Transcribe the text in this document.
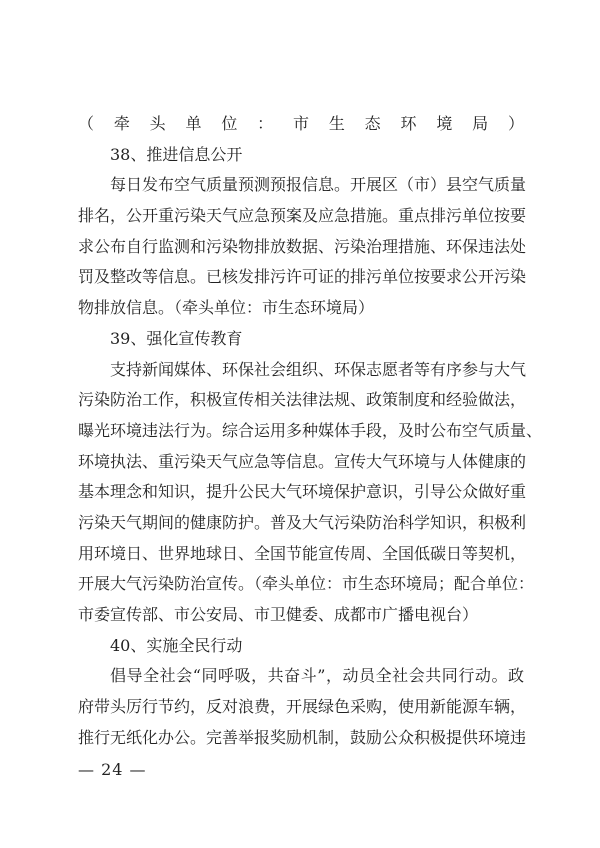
（牵头单位：市生态环境局）
38、推进信息公开
每日发布空气质量预测预报信息。开展区（市）县空气质量
排名，公开重污染天气应急预案及应急措施。重点排污单位按要
求公布自行监测和污染物排放数据、污染治理措施、环保违法处
罚及整改等信息。已核发排污许可证的排污单位按要求公开污染
物排放信息。（牵头单位：市生态环境局）
39、强化宣传教育
支持新闻媒体、环保社会组织、环保志愿者等有序参与大气
污染防治工作，积极宣传相关法律法规、政策制度和经验做法，
曝光环境违法行为。综合运用多种媒体手段，及时公布空气质量、
环境执法、重污染天气应急等信息。宣传大气环境与人体健康的
基本理念和知识，提升公民大气环境保护意识，引导公众做好重
污染天气期间的健康防护。普及大气污染防治科学知识，积极利
用环境日、世界地球日、全国节能宣传周、全国低碳日等契机，
开展大气污染防治宣传。（牵头单位：市生态环境局；配合单位：
市委宣传部、市公安局、市卫健委、成都市广播电视台）
40、实施全民行动
倡导全社会“同呼吸，共奋斗”，动员全社会共同行动。政
府带头厉行节约，反对浪费，开展绿色采购，使用新能源车辆，
推行无纸化办公。完善举报奖励机制，鼓励公众积极提供环境违
— 24 —
